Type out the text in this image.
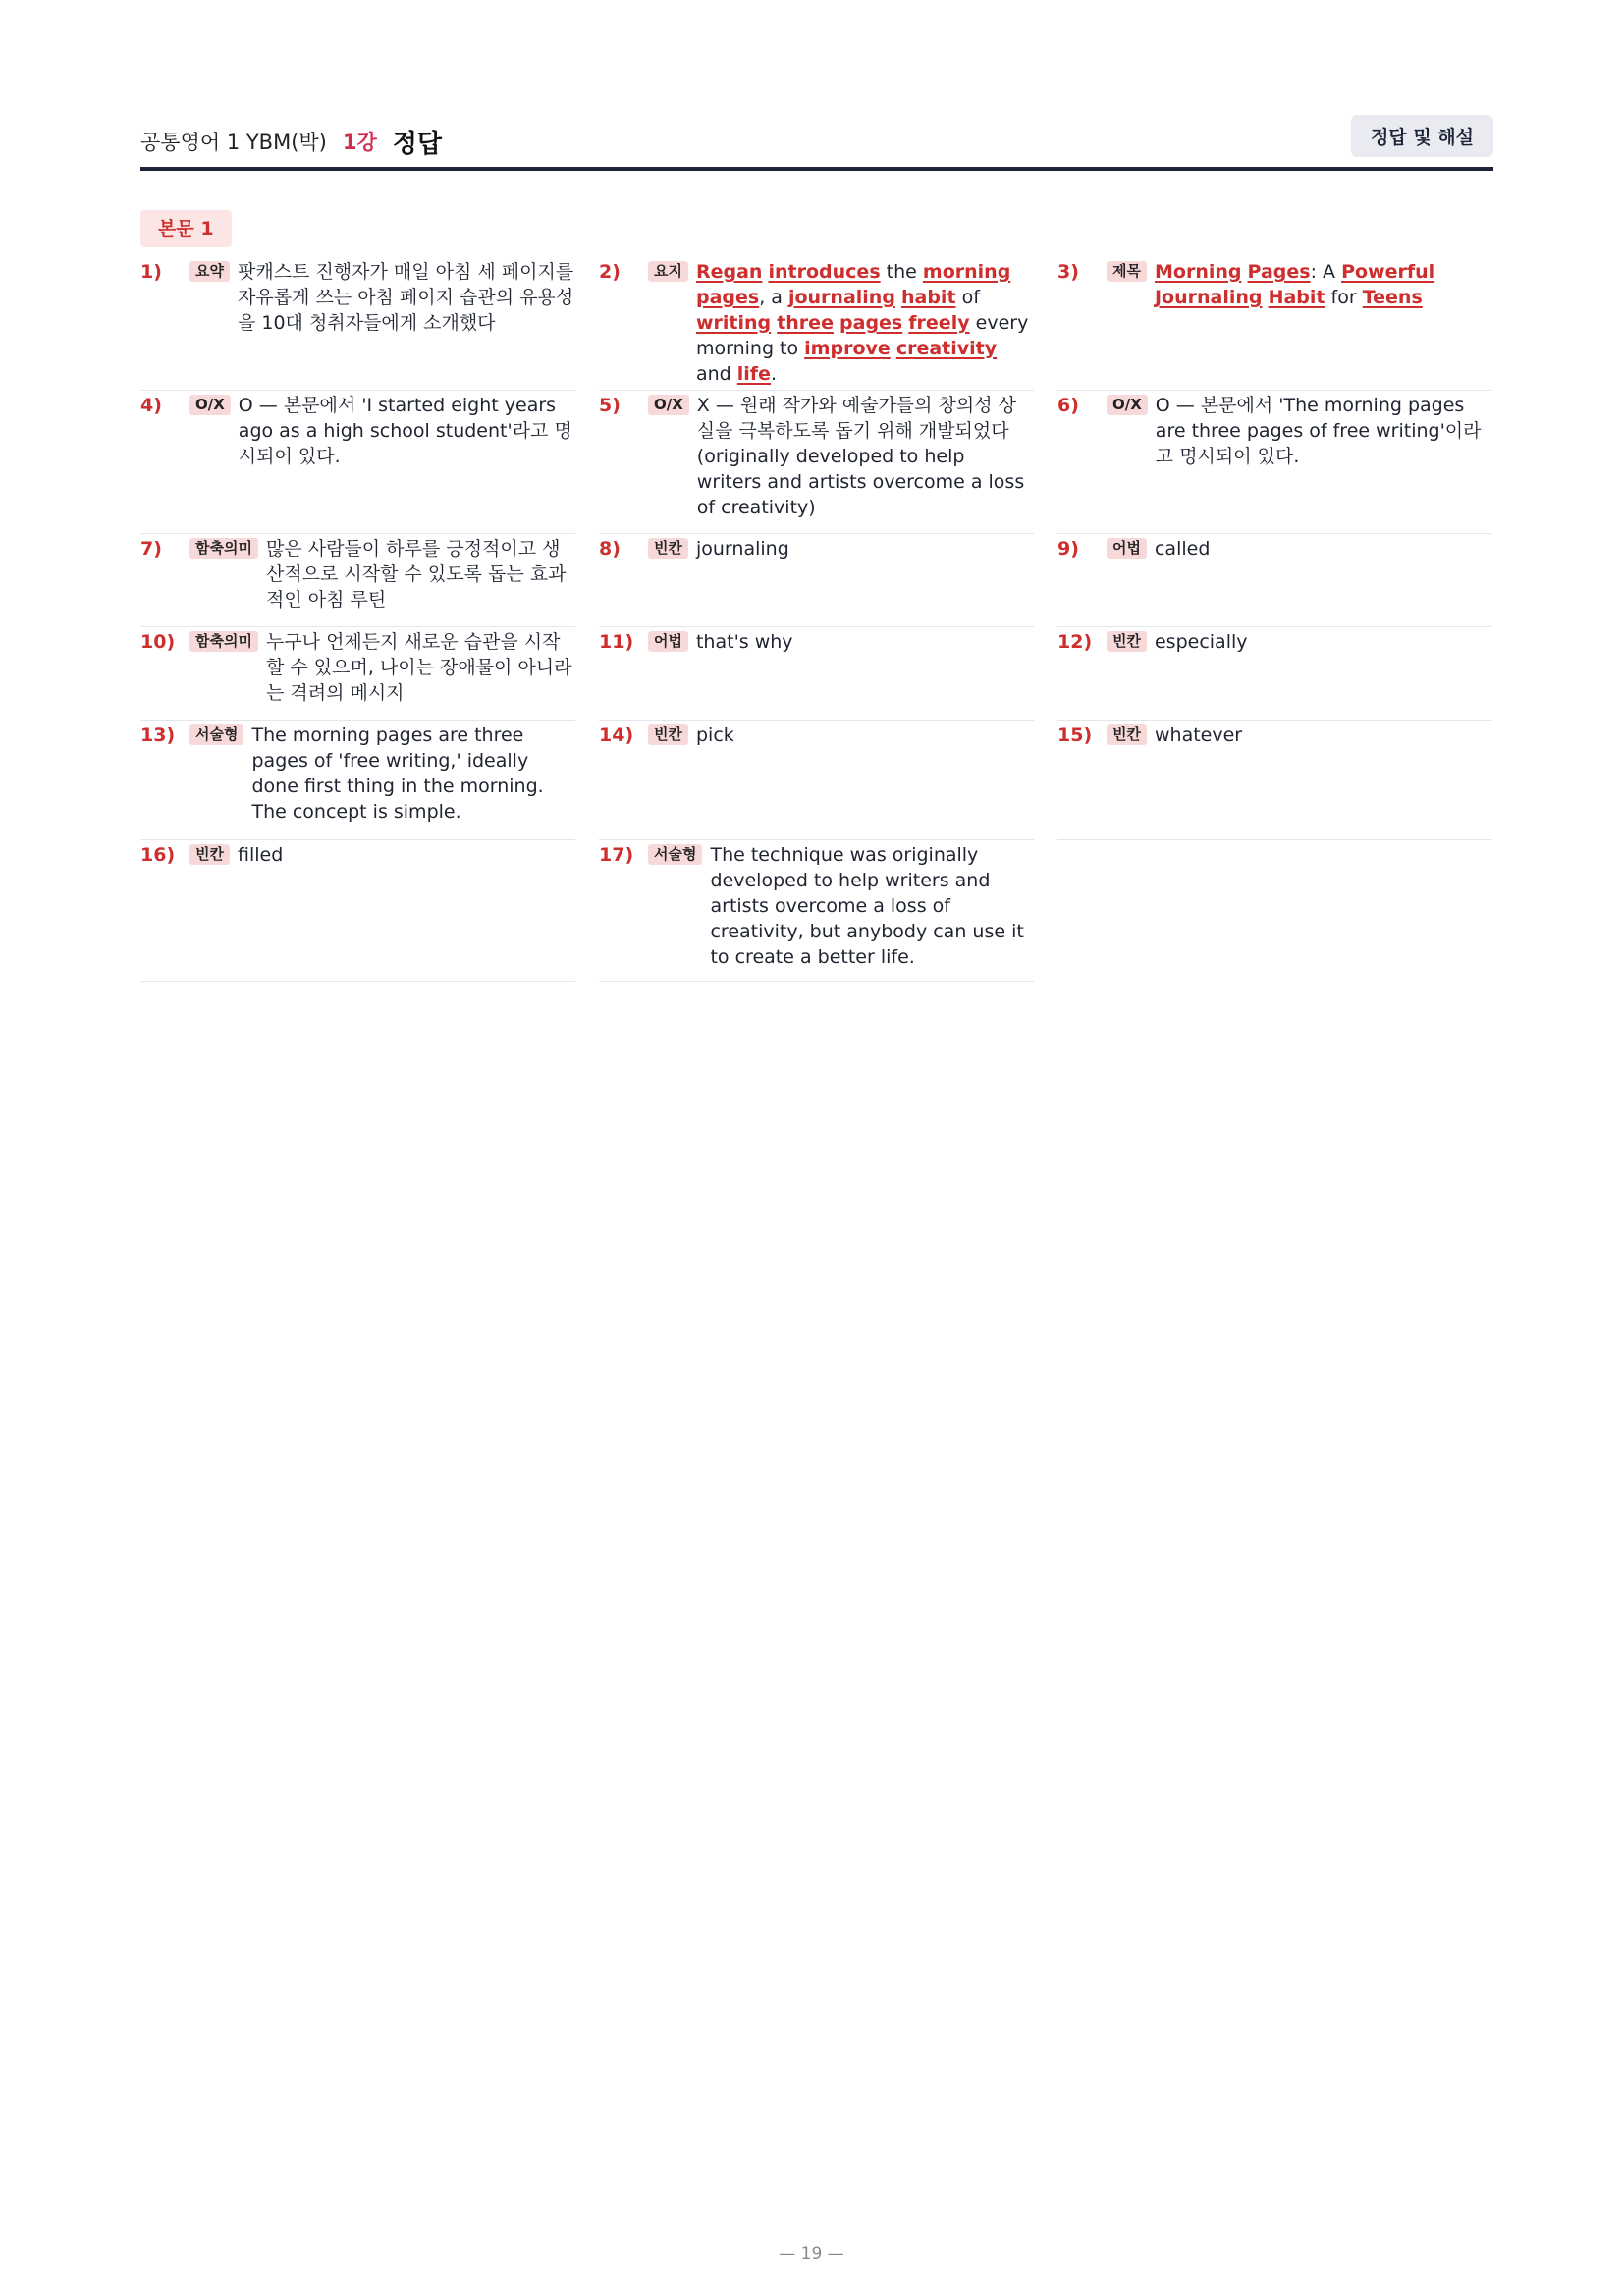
공통영어 1 YBM(박) 1강 정답	정답 및 해설
본문 1
1)	요약 팟캐스트 진행자가 매일 아침 세 페이지를 자유롭게 쓰는 아침 페이지 습관의 유용성을 10대 청취자들에게 소개했다
2)	요지 Regan introduces the morning pages, a journaling habit of writing three pages freely every morning to improve creativity and life.
3)	제목 Morning Pages: A Powerful Journaling Habit for Teens
4)	O/X O — 본문에서 'I started eight years ago as a high school student'라고 명시되어 있다.
5)	O/X X — 원래 작가와 예술가들의 창의성 상실을 극복하도록 돕기 위해 개발되었다 (originally developed to help writers and artists overcome a loss of creativity)
6)	O/X O — 본문에서 'The morning pages are three pages of free writing'이라고 명시되어 있다.
7)	함축의미 많은 사람들이 하루를 긍정적이고 생산적으로 시작할 수 있도록 돕는 효과적인 아침 루틴
8)	빈칸 journaling	9)	어법 called
10)	함축의미 누구나 언제든지 새로운 습관을 시작할 수 있으며, 나이는 장애물이 아니라는 격려의 메시지
11)	어법 that's why	12)	빈칸 especially
13)	서술형 The morning pages are three pages of 'free writing,' ideally done first thing in the morning. The concept is simple.
14)	빈칸 pick	15)	빈칸 whatever
16)	빈칸 filled	17)	서술형 The technique was originally developed to help writers and artists overcome a loss of creativity, but anybody can use it to create a better life.
— 19 —
